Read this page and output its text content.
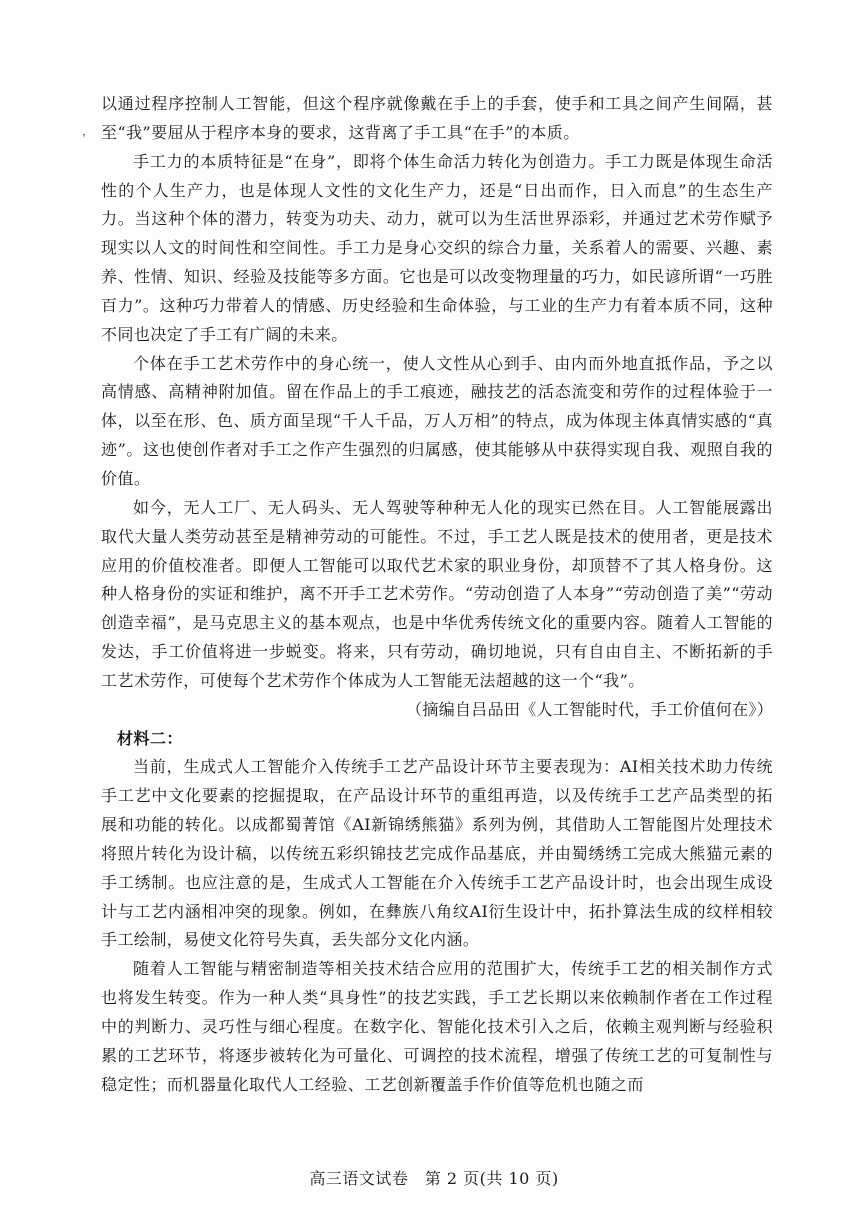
，

以通过程序控制人工智能，但这个程序就像戴在手上的手套，使手和工具之间产生间隔，甚至“我”要屈从于程序本身的要求，这背离了手工具“在手”的本质。

手工力的本质特征是“在身”，即将个体生命活力转化为创造力。手工力既是体现生命活性的个人生产力，也是体现人文性的文化生产力，还是“日出而作，日入而息”的生态生产力。当这种个体的潜力，转变为功夫、动力，就可以为生活世界添彩，并通过艺术劳作赋予现实以人文的时间性和空间性。手工力是身心交织的综合力量，关系着人的需要、兴趣、素养、性情、知识、经验及技能等多方面。它也是可以改变物理量的巧力，如民谚所谓“一巧胜百力”。这种巧力带着人的情感、历史经验和生命体验，与工业的生产力有着本质不同，这种不同也决定了手工有广阔的未来。

个体在手工艺术劳作中的身心统一，使人文性从心到手、由内而外地直抵作品，予之以高情感、高精神附加值。留在作品上的手工痕迹，融技艺的活态流变和劳作的过程体验于一体，以至在形、色、质方面呈现“千人千品，万人万相”的特点，成为体现主体真情实感的“真迹”。这也使创作者对手工之作产生强烈的归属感，使其能够从中获得实现自我、观照自我的价值。

如今，无人工厂、无人码头、无人驾驶等种种无人化的现实已然在目。人工智能展露出取代大量人类劳动甚至是精神劳动的可能性。不过，手工艺人既是技术的使用者，更是技术应用的价值校准者。即便人工智能可以取代艺术家的职业身份，却顶替不了其人格身份。这种人格身份的实证和维护，离不开手工艺术劳作。“劳动创造了人本身”“劳动创造了美”“劳动创造幸福”，是马克思主义的基本观点，也是中华优秀传统文化的重要内容。随着人工智能的发达，手工价值将进一步蜕变。将来，只有劳动，确切地说，只有自由自主、不断拓新的手工艺术劳作，可使每个艺术劳作个体成为人工智能无法超越的这一个“我”。

（摘编自吕品田《人工智能时代，手工价值何在》）

材料二：

当前，生成式人工智能介入传统手工艺产品设计环节主要表现为：AI相关技术助力传统手工艺中文化要素的挖掘提取，在产品设计环节的重组再造，以及传统手工艺产品类型的拓展和功能的转化。以成都蜀菁馆《AI新锦绣熊猫》系列为例，其借助人工智能图片处理技术将照片转化为设计稿，以传统五彩织锦技艺完成作品基底，并由蜀绣绣工完成大熊猫元素的手工绣制。也应注意的是，生成式人工智能在介入传统手工艺产品设计时，也会出现生成设计与工艺内涵相冲突的现象。例如，在彝族八角纹AI衍生设计中，拓扑算法生成的纹样相较手工绘制，易使文化符号失真，丢失部分文化内涵。

随着人工智能与精密制造等相关技术结合应用的范围扩大，传统手工艺的相关制作方式也将发生转变。作为一种人类“具身性”的技艺实践，手工艺长期以来依赖制作者在工作过程中的判断力、灵巧性与细心程度。在数字化、智能化技术引入之后，依赖主观判断与经验积累的工艺环节，将逐步被转化为可量化、可调控的技术流程，增强了传统工艺的可复制性与稳定性；而机器量化取代人工经验、工艺创新覆盖手作价值等危机也随之而

高三语文试卷　第 2 页(共 10 页)
